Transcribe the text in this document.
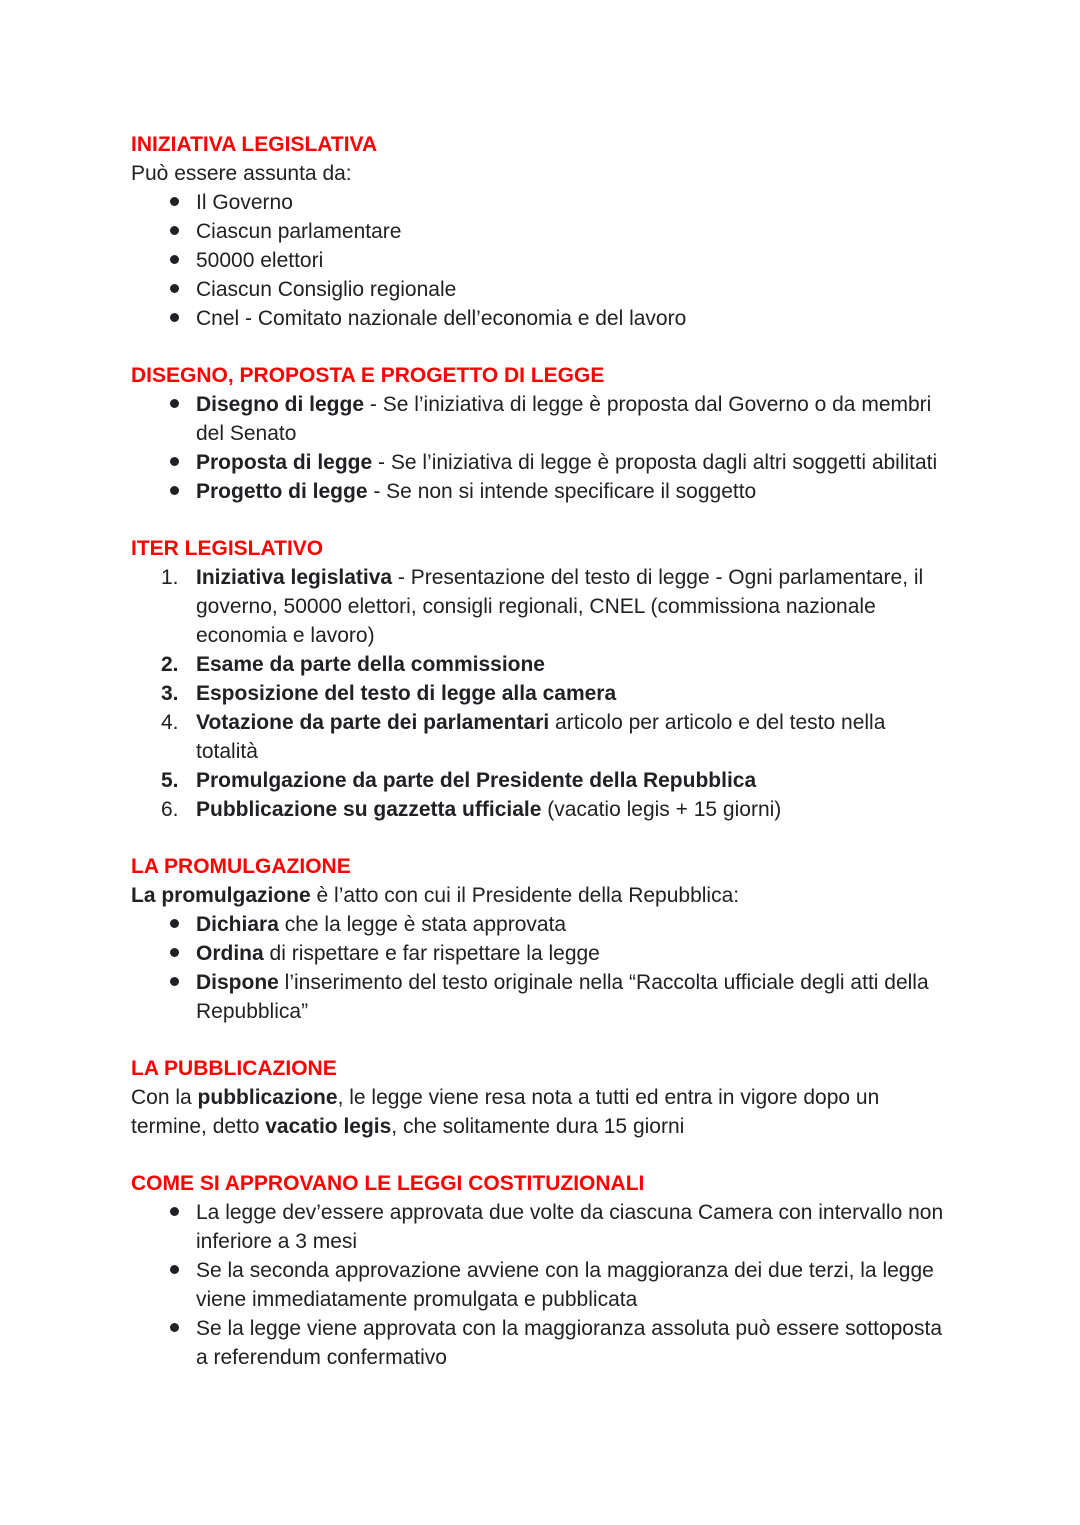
INIZIATIVA LEGISLATIVA

Può essere assunta da:

Il Governo
Ciascun parlamentare
50000 elettori
Ciascun Consiglio regionale
Cnel - Comitato nazionale dell’economia e del lavoro
DISEGNO, PROPOSTA E PROGETTO DI LEGGE
Disegno di legge - Se l’iniziativa di legge è proposta dal Governo o da membri del Senato
Proposta di legge - Se l’iniziativa di legge è proposta dagli altri soggetti abilitati
Progetto di legge - Se non si intende specificare il soggetto
ITER LEGISLATIVO
1. Iniziativa legislativa - Presentazione del testo di legge - Ogni parlamentare, il governo, 50000 elettori, consigli regionali, CNEL (commissiona nazionale economia e lavoro)
2. Esame da parte della commissione
3. Esposizione del testo di legge alla camera
4. Votazione da parte dei parlamentari articolo per articolo e del testo nella totalità
5. Promulgazione da parte del Presidente della Repubblica
6. Pubblicazione su gazzetta ufficiale (vacatio legis + 15 giorni)
LA PROMULGAZIONE

La promulgazione è l’atto con cui il Presidente della Repubblica:

Dichiara che la legge è stata approvata
Ordina di rispettare e far rispettare la legge
Dispone l’inserimento del testo originale nella “Raccolta ufficiale degli atti della Repubblica”
LA PUBBLICAZIONE

Con la pubblicazione, le legge viene resa nota a tutti ed entra in vigore dopo un termine, detto vacatio legis, che solitamente dura 15 giorni

COME SI APPROVANO LE LEGGI COSTITUZIONALI
La legge dev’essere approvata due volte da ciascuna Camera con intervallo non inferiore a 3 mesi
Se la seconda approvazione avviene con la maggioranza dei due terzi, la legge viene immediatamente promulgata e pubblicata
Se la legge viene approvata con la maggioranza assoluta può essere sottoposta a referendum confermativo
